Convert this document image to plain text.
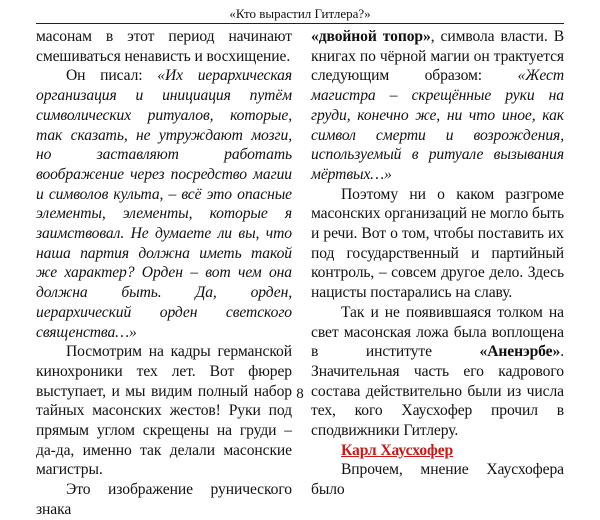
«Кто вырастил Гитлера?»

масонам в этот период начинают смешиваться ненависть и восхищение.

Он писал: «Их иерархическая организация и инициация путём символических ритуалов, которые, так сказать, не утруждают мозги, но заставляют работать воображение через посредство магии и символов культа, – всё это опасные элементы, элементы, которые я заимствовал. Не думаете ли вы, что наша партия должна иметь такой же характер? Орден – вот чем она должна быть. Да, орден, иерархический орден светского священства…»

Посмотрим на кадры германской кинохроники тех лет. Вот фюрер выступает, и мы видим полный набор тайных масонских жестов! Руки под прямым углом скрещены на груди – да-да, именно так делали масонские магистры.

Это изображение рунического знака

«двойной топор», символа власти. В книгах по чёрной магии он трактуется следующим образом: «Жест магистра – скрещённые руки на груди, конечно же, ни что иное, как символ смерти и возрождения, используемый в ритуале вызывания мёртвых…»

Поэтому ни о каком разгроме масонских организаций не могло быть и речи. Вот о том, чтобы поставить их под государственный и партийный контроль, – совсем другое дело. Здесь нацисты постарались на славу.

Так и не появившаяся толком на свет масонская ложа была воплощена в институте «Аненэрбе». Значительная часть его кадрового состава действительно были из числа тех, кого Хаусхофер прочил в сподвижники Гитлеру.

Карл Хаусхофер

Впрочем, мнение Хаусхофера было

8
